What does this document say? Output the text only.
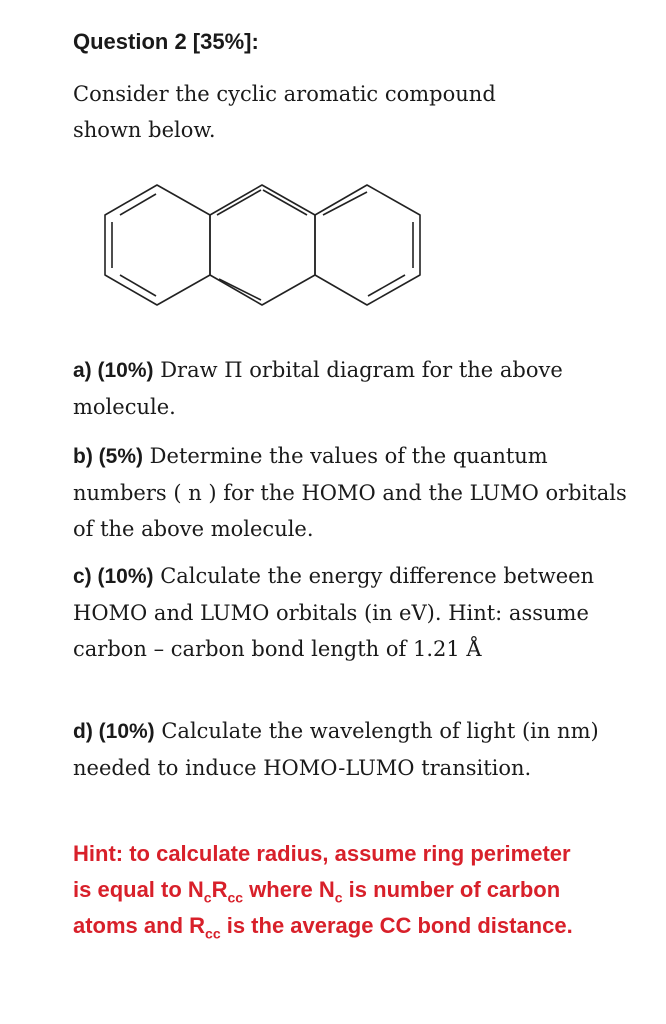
Question 2 [35%]:
Consider the cyclic aromatic compound
shown below.
a) (10%) Draw Π orbital diagram for the above molecule.
b) (5%) Determine the values of the quantum numbers ( n ) for the HOMO and the LUMO orbitals of the above molecule.
c) (10%) Calculate the energy difference between HOMO and LUMO orbitals (in eV). Hint: assume carbon – carbon bond length of 1.21 Å
d) (10%) Calculate the wavelength of light (in nm) needed to induce HOMO-LUMO transition.
Hint: to calculate radius, assume ring perimeter is equal to $N_cR_{cc}$ where $N_c$ is number of carbon atoms and $R_{cc}$ is the average CC bond distance.
